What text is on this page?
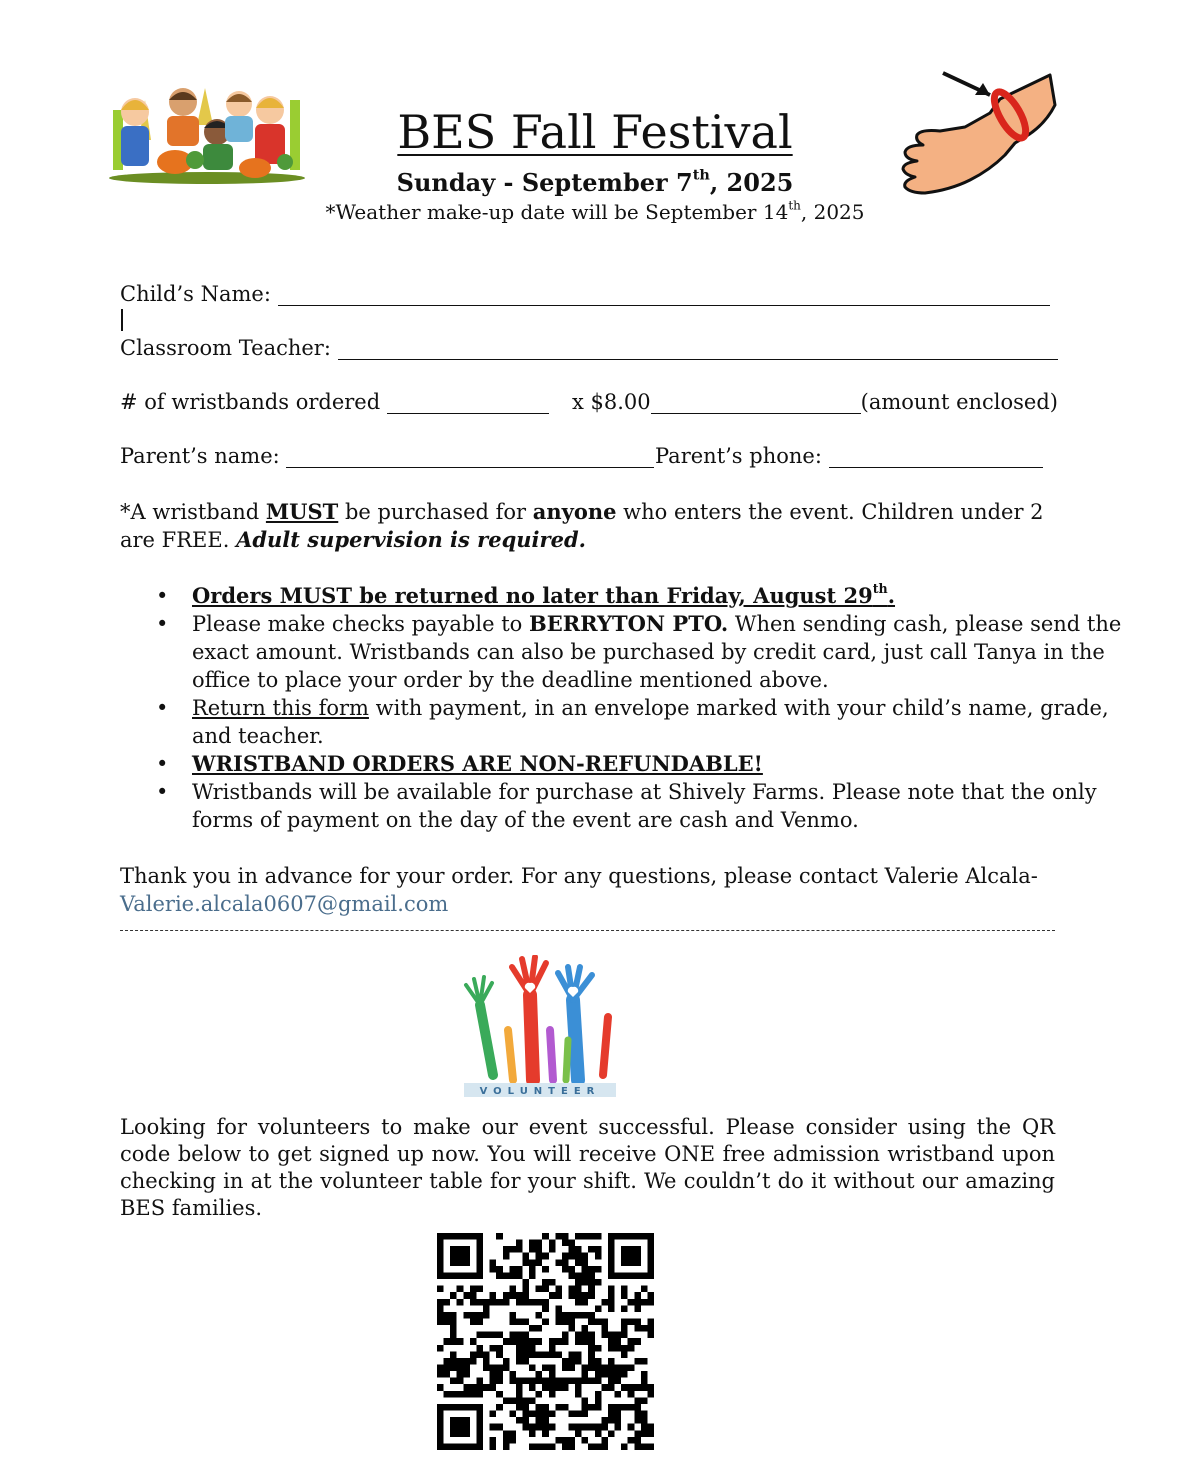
BES Fall Festival
Sunday - September 7th, 2025
*Weather make-up date will be September 14th, 2025
Child’s Name:
Classroom Teacher:
# of wristbands ordered	x $8.00	(amount enclosed)
Parent’s name:	Parent’s phone:
*A wristband MUST be purchased for anyone who enters the event. Children under 2 are FREE. Adult supervision is required.
• Orders MUST be returned no later than Friday, August 29th.
• Please make checks payable to BERRYTON PTO. When sending cash, please send the exact amount. Wristbands can also be purchased by credit card, just call Tanya in the office to place your order by the deadline mentioned above.
• Return this form with payment, in an envelope marked with your child’s name, grade, and teacher.
• WRISTBAND ORDERS ARE NON-REFUNDABLE!
• Wristbands will be available for purchase at Shively Farms. Please note that the only forms of payment on the day of the event are cash and Venmo.
Thank you in advance for your order. For any questions, please contact Valerie Alcala-
Valerie.alcala0607@gmail.com
VOLUNTEER
Looking for volunteers to make our event successful. Please consider using the QR code below to get signed up now. You will receive ONE free admission wristband upon checking in at the volunteer table for your shift. We couldn’t do it without our amazing BES families.
